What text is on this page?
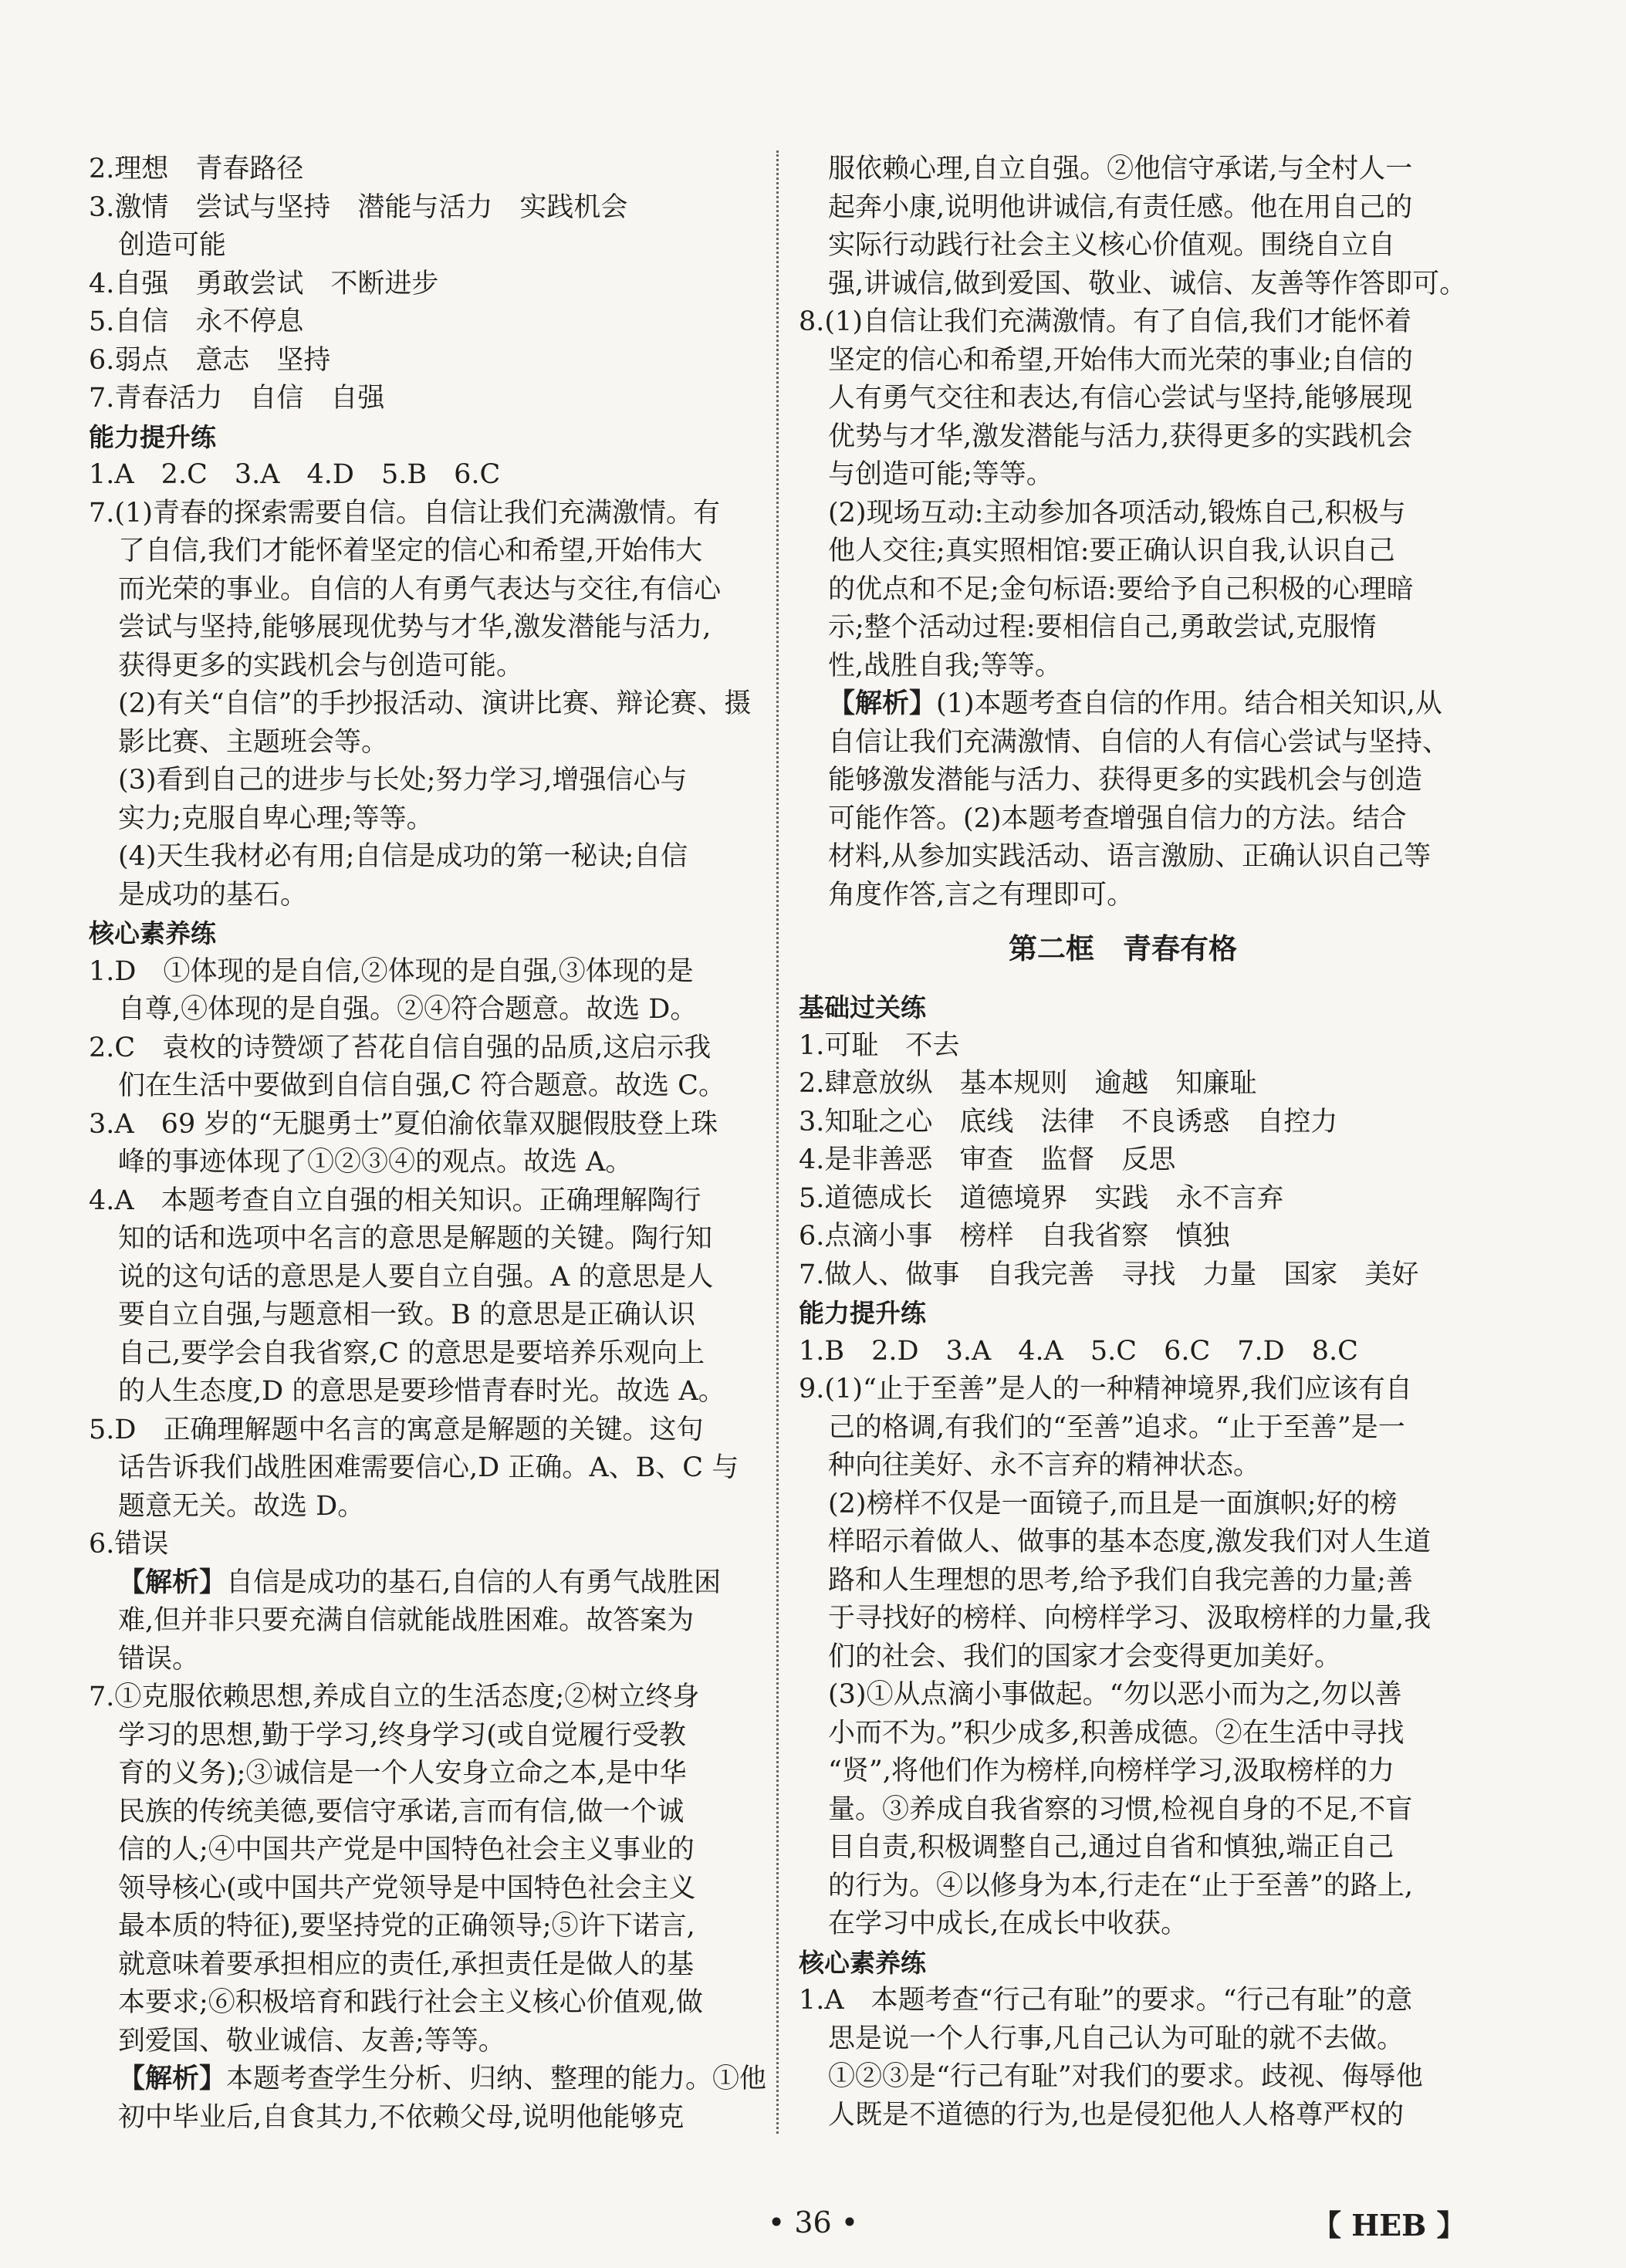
2.理想　青春路径
3.激情　尝试与坚持　潜能与活力　实践机会
创造可能
4.自强　勇敢尝试　不断进步
5.自信　永不停息
6.弱点　意志　坚持
7.青春活力　自信　自强
能力提升练
1.A　2.C　3.A　4.D　5.B　6.C
7.(1)青春的探索需要自信。自信让我们充满激情。有
了自信,我们才能怀着坚定的信心和希望,开始伟大
而光荣的事业。自信的人有勇气表达与交往,有信心
尝试与坚持,能够展现优势与才华,激发潜能与活力,
获得更多的实践机会与创造可能。
(2)有关“自信”的手抄报活动、演讲比赛、辩论赛、摄
影比赛、主题班会等。
(3)看到自己的进步与长处;努力学习,增强信心与
实力;克服自卑心理;等等。
(4)天生我材必有用;自信是成功的第一秘诀;自信
是成功的基石。
核心素养练
1.D　①体现的是自信,②体现的是自强,③体现的是
自尊,④体现的是自强。②④符合题意。故选 D。
2.C　袁枚的诗赞颂了苔花自信自强的品质,这启示我
们在生活中要做到自信自强,C 符合题意。故选 C。
3.A　69 岁的“无腿勇士”夏伯渝依靠双腿假肢登上珠
峰的事迹体现了①②③④的观点。故选 A。
4.A　本题考查自立自强的相关知识。正确理解陶行
知的话和选项中名言的意思是解题的关键。陶行知
说的这句话的意思是人要自立自强。A 的意思是人
要自立自强,与题意相一致。B 的意思是正确认识
自己,要学会自我省察,C 的意思是要培养乐观向上
的人生态度,D 的意思是要珍惜青春时光。故选 A。
5.D　正确理解题中名言的寓意是解题的关键。这句
话告诉我们战胜困难需要信心,D 正确。A、B、C 与
题意无关。故选 D。
6.错误
【解析】自信是成功的基石,自信的人有勇气战胜困
难,但并非只要充满自信就能战胜困难。故答案为
错误。
7.①克服依赖思想,养成自立的生活态度;②树立终身
学习的思想,勤于学习,终身学习(或自觉履行受教
育的义务);③诚信是一个人安身立命之本,是中华
民族的传统美德,要信守承诺,言而有信,做一个诚
信的人;④中国共产党是中国特色社会主义事业的
领导核心(或中国共产党领导是中国特色社会主义
最本质的特征),要坚持党的正确领导;⑤许下诺言,
就意味着要承担相应的责任,承担责任是做人的基
本要求;⑥积极培育和践行社会主义核心价值观,做
到爱国、敬业诚信、友善;等等。
【解析】本题考查学生分析、归纳、整理的能力。①他
初中毕业后,自食其力,不依赖父母,说明他能够克
服依赖心理,自立自强。②他信守承诺,与全村人一
起奔小康,说明他讲诚信,有责任感。他在用自己的
实际行动践行社会主义核心价值观。围绕自立自
强,讲诚信,做到爱国、敬业、诚信、友善等作答即可。
8.(1)自信让我们充满激情。有了自信,我们才能怀着
坚定的信心和希望,开始伟大而光荣的事业;自信的
人有勇气交往和表达,有信心尝试与坚持,能够展现
优势与才华,激发潜能与活力,获得更多的实践机会
与创造可能;等等。
(2)现场互动:主动参加各项活动,锻炼自己,积极与
他人交往;真实照相馆:要正确认识自我,认识自己
的优点和不足;金句标语:要给予自己积极的心理暗
示;整个活动过程:要相信自己,勇敢尝试,克服惰
性,战胜自我;等等。
【解析】(1)本题考查自信的作用。结合相关知识,从
自信让我们充满激情、自信的人有信心尝试与坚持、
能够激发潜能与活力、获得更多的实践机会与创造
可能作答。(2)本题考查增强自信力的方法。结合
材料,从参加实践活动、语言激励、正确认识自己等
角度作答,言之有理即可。
第二框　青春有格
基础过关练
1.可耻　不去
2.肆意放纵　基本规则　逾越　知廉耻
3.知耻之心　底线　法律　不良诱惑　自控力
4.是非善恶　审查　监督　反思
5.道德成长　道德境界　实践　永不言弃
6.点滴小事　榜样　自我省察　慎独
7.做人、做事　自我完善　寻找　力量　国家　美好
能力提升练
1.B　2.D　3.A　4.A　5.C　6.C　7.D　8.C
9.(1)“止于至善”是人的一种精神境界,我们应该有自
己的格调,有我们的“至善”追求。“止于至善”是一
种向往美好、永不言弃的精神状态。
(2)榜样不仅是一面镜子,而且是一面旗帜;好的榜
样昭示着做人、做事的基本态度,激发我们对人生道
路和人生理想的思考,给予我们自我完善的力量;善
于寻找好的榜样、向榜样学习、汲取榜样的力量,我
们的社会、我们的国家才会变得更加美好。
(3)①从点滴小事做起。“勿以恶小而为之,勿以善
小而不为。”积少成多,积善成德。②在生活中寻找
“贤”,将他们作为榜样,向榜样学习,汲取榜样的力
量。③养成自我省察的习惯,检视自身的不足,不盲
目自责,积极调整自己,通过自省和慎独,端正自己
的行为。④以修身为本,行走在“止于至善”的路上,
在学习中成长,在成长中收获。
核心素养练
1.A　本题考查“行己有耻”的要求。“行己有耻”的意
思是说一个人行事,凡自己认为可耻的就不去做。
①②③是“行己有耻”对我们的要求。歧视、侮辱他
人既是不道德的行为,也是侵犯他人人格尊严权的
• 36 •	【 HEB 】
